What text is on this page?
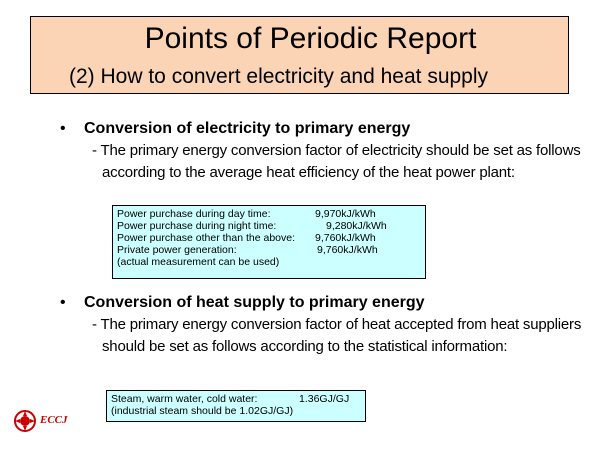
Points of Periodic Report
(2) How to convert electricity and heat supply
• Conversion of electricity to primary energy
- The primary energy conversion factor of electricity should be set as follows according to the average heat efficiency of the heat power plant:
Power purchase during day time:	9,970kJ/kWh
Power purchase during night time:	9,280kJ/kWh
Power purchase other than the above: 9,760kJ/kWh
Private power generation:	9,760kJ/kWh
(actual measurement can be used)
• Conversion of heat supply to primary energy
- The primary energy conversion factor of heat accepted from heat suppliers should be set as follows according to the statistical information:
Steam, warm water, cold water:	1.36GJ/GJ
(industrial steam should be 1.02GJ/GJ)
ECCJ
